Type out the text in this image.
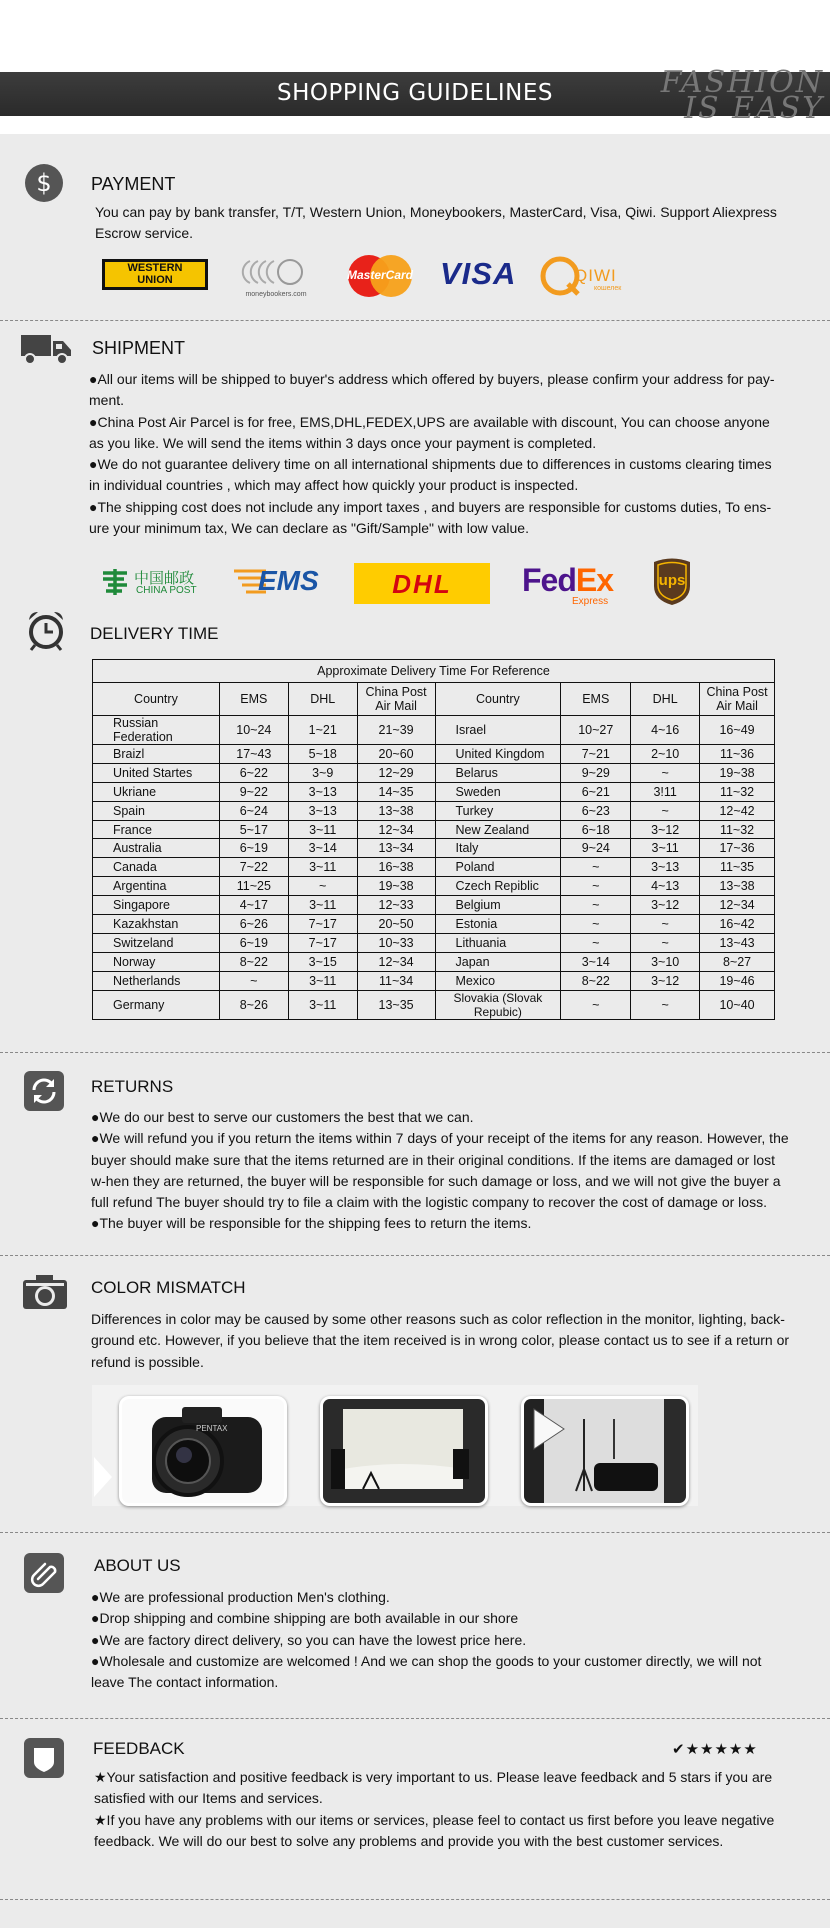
SHOPPING GUIDELINES	FASHION
IS EASY
$ PAYMENT
You can pay by bank transfer, T/T, Western Union, Moneybookers, MasterCard, Visa, Qiwi. Support Aliexpress Escrow service.
WESTERN
UNION
moneybookers.com
MasterCard VISA	QIWI
кошелек
SHIPMENT

●All our items will be shipped to buyer's address which offered by buyers, please confirm your address for pay-ment.

●China Post Air Parcel is for free, EMS,DHL,FEDEX,UPS are available with discount, You can choose anyone as you like. We will send the items within 3 days once your payment is completed.

●We do not guarantee delivery time on all international shipments due to differences in customs clearing times in individual countries , which may affect how quickly your product is inspected.

●The shipping cost does not include any import taxes , and buyers are responsible for customs duties, To ens-ure your minimum tax, We can declare as "Gift/Sample" with low value.

中国邮政
CHINA POST EMS	DHL	FedEx
Express
ups
DELIVERY TIME
Approximate Delivery Time For Reference							
Country	EMS	DHL	China Post Air Mail	Country	EMS	DHL	China Post Air Mail
Russian Federation	10~24	1~21	21~39	Israel	10~27	4~16	16~49
Braizl	17~43	5~18	20~60	United Kingdom	7~21	2~10	11~36
United Startes	6~22	3~9	12~29	Belarus	9~29	~	19~38
Ukriane	9~22	3~13	14~35	Sweden	6~21	3!11	11~32
Spain	6~24	3~13	13~38	Turkey	6~23	~	12~42
France	5~17	3~11	12~34	New Zealand	6~18	3~12	11~32
Australia	6~19	3~14	13~34	Italy	9~24	3~11	17~36
Canada	7~22	3~11	16~38	Poland	~	3~13	11~35
Argentina	11~25	~	19~38	Czech Repiblic	~	4~13	13~38
Singapore	4~17	3~11	12~33	Belgium	~	3~12	12~34
Kazakhstan	6~26	7~17	20~50	Estonia	~	~	16~42
Switzeland	6~19	7~17	10~33	Lithuania	~	~	13~43
Norway	8~22	3~15	12~34	Japan	3~14	3~10	8~27
Netherlands	~	3~11	11~34	Mexico	8~22	3~12	19~46
Germany	8~26	3~11	13~35	Slovakia (Slovak Repubic)	~	~	10~40
RETURNS

●We do our best to serve our customers the best that we can.

●We will refund you if you return the items within 7 days of your receipt of the items for any reason. However, the buyer should make sure that the items returned are in their original conditions. If the items are damaged or lost w-hen they are returned, the buyer will be responsible for such damage or loss, and we will not give the buyer a full refund The buyer should try to file a claim with the logistic company to recover the cost of damage or loss.

●The buyer will be responsible for the shipping fees to return the items.

COLOR MISMATCH
Differences in color may be caused by some other reasons such as color reflection in the monitor, lighting, back-ground etc. However, if you believe that the item received is in wrong color, please contact us to see if a return or refund is possible.
PENTAX
ABOUT US

●We are professional production Men's clothing.

●Drop shipping and combine shipping are both available in our shore

●We are factory direct delivery, so you can have the lowest price here.

●Wholesale and customize are welcomed ! And we can shop the goods to your customer directly, we will not leave The contact information.

FEEDBACK	✔★★★★★

★Your satisfaction and positive feedback is very important to us. Please leave feedback and 5 stars if you are satisfied with our Items and services.

★If you have any problems with our items or services, please feel to contact us first before you leave negative feedback. We will do our best to solve any problems and provide you with the best customer services.
